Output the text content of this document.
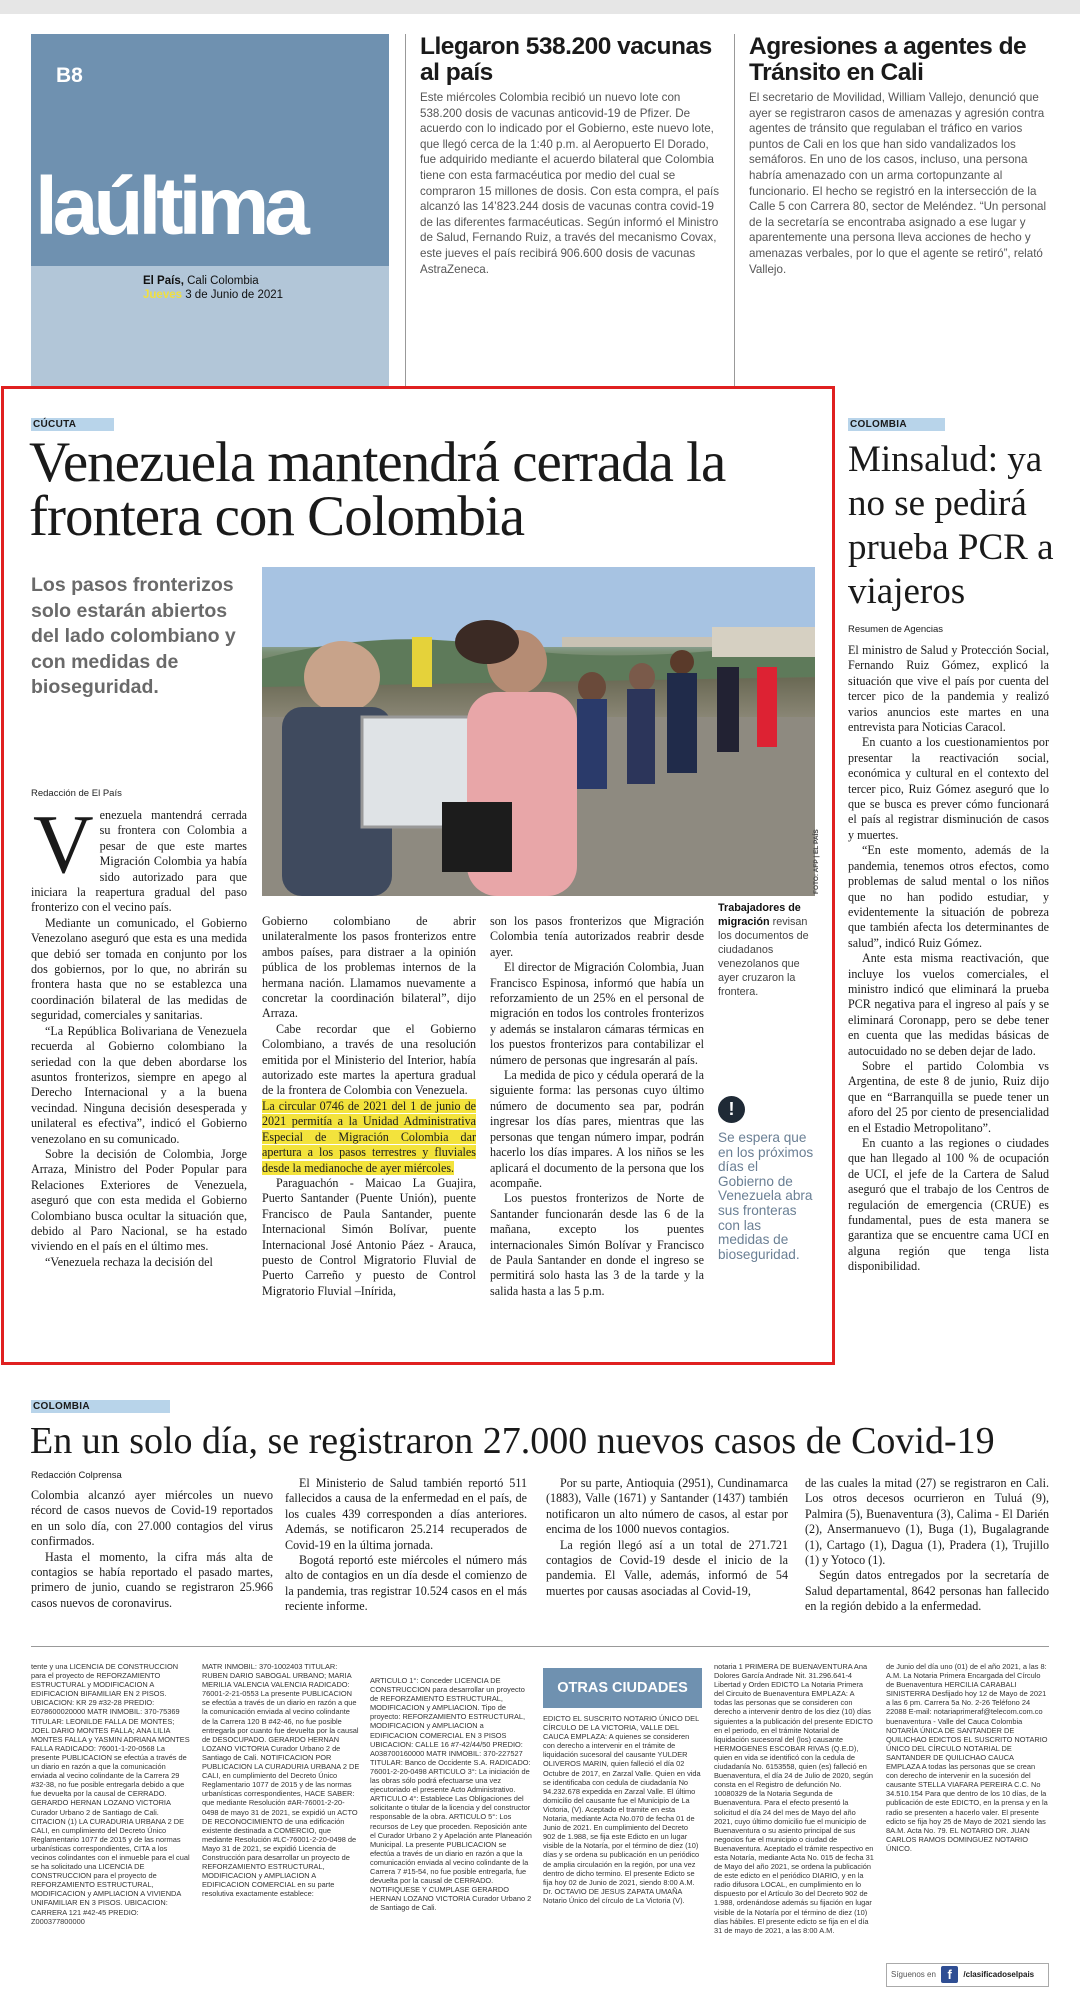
B8
laúltima
El País, Cali Colombia
Jueves 3 de Junio de 2021
Llegaron 538.200 vacunas al país
Este miércoles Colombia recibió un nuevo lote con 538.200 dosis de vacunas anticovid-19 de Pfizer. De acuerdo con lo indicado por el Gobierno, este nuevo lote, que llegó cerca de la 1:40 p.m. al Aeropuerto El Dorado, fue adquirido mediante el acuerdo bilateral que Colombia tiene con esta farmacéutica por medio del cual se compraron 15 millones de dosis. Con esta compra, el país alcanzó las 14’823.244 dosis de vacunas contra covid-19 de las diferentes farmacéuticas. Según informó el Ministro de Salud, Fernando Ruiz, a través del mecanismo Covax, este jueves el país recibirá 906.600 dosis de vacunas AstraZeneca.
Agresiones a agentes de Tránsito en Cali
El secretario de Movilidad, William Vallejo, denunció que ayer se registraron casos de amenazas y agresión contra agentes de tránsito que regulaban el tráfico en varios puntos de Cali en los que han sido vandalizados los semáforos. En uno de los casos, incluso, una persona habría amenazado con un arma cortopunzante al funcionario. El hecho se registró en la intersección de la Calle 5 con Carrera 80, sector de Meléndez. “Un personal de la secretaría se encontraba asignado a ese lugar y aparentemente una persona lleva acciones de hecho y amenazas verbales, por lo que el agente se retiró”, relató Vallejo.
CÚCUTA
Venezuela mantendrá cerrada la frontera con Colombia
Los pasos fronterizos solo estarán abiertos del lado colombiano y con medidas de bioseguridad.
Redacción de El País
FOTO: AFP | EL PAÍS
Trabajadores de migración revisan los documentos de ciudadanos venezolanos que ayer cruzaron la frontera.
!
Se espera que en los próximos días el Gobierno de Venezuela abra sus fronteras con las medidas de bioseguridad.
V enezuela mantendrá cerrada su frontera con Colombia a pesar de que este martes Migración Colombia ya había sido autorizado para que iniciara la reapertura gradual del paso fronterizo con el vecino país.

Mediante un comunicado, el Gobierno Venezolano aseguró que esta es una medida que debió ser tomada en conjunto por los dos gobiernos, por lo que, no abrirán su frontera hasta que no se establezca una coordinación bilateral de las medidas de seguridad, comerciales y sanitarias.

“La República Bolivariana de Venezuela recuerda al Gobierno colombiano la seriedad con la que deben abordarse los asuntos fronterizos, siempre en apego al Derecho Internacional y a la buena vecindad. Ninguna decisión desesperada y unilateral es efectiva”, indicó el Gobierno venezolano en su comunicado.

Sobre la decisión de Colombia, Jorge Arraza, Ministro del Poder Popular para Relaciones Exteriores de Venezuela, aseguró que con esta medida el Gobierno Colombiano busca ocultar la situación que, debido al Paro Nacional, se ha estado viviendo en el país en el último mes.

“Venezuela rechaza la decisión del

Gobierno colombiano de abrir unilateralmente los pasos fronterizos entre ambos países, para distraer a la opinión pública de los problemas internos de la hermana nación. Llamamos nuevamente a concretar la coordinación bilateral”, dijo Arraza.

Cabe recordar que el Gobierno Colombiano, a través de una resolución emitida por el Ministerio del Interior, había autorizado este martes la apertura gradual de la frontera de Colombia con Venezuela.

La circular 0746 de 2021 del 1 de junio de 2021 permitía a la Unidad Administrativa Especial de Migración Colombia dar apertura a los pasos terrestres y fluviales desde la medianoche de ayer miércoles.

Paraguachón - Maicao La Guajira, Puerto Santander (Puente Unión), puente Francisco de Paula Santander, puente Internacional Simón Bolívar, puente Internacional José Antonio Páez - Arauca, puesto de Control Migratorio Fluvial de Puerto Carreño y puesto de Control Migratorio Fluvial –Inírida,

son los pasos fronterizos que Migración Colombia tenía autorizados reabrir desde ayer.

El director de Migración Colombia, Juan Francisco Espinosa, informó que había un reforzamiento de un 25% en el personal de migración en todos los controles fronterizos y además se instalaron cámaras térmicas en los puestos fronterizos para contabilizar el número de personas que ingresarán al país.

La medida de pico y cédula operará de la siguiente forma: las personas cuyo último número de documento sea par, podrán ingresar los días pares, mientras que las personas que tengan número impar, podrán hacerlo los días impares. A los niños se les aplicará el documento de la persona que los acompañe.

Los puestos fronterizos de Norte de Santander funcionarán desde las 6 de la mañana, excepto los puentes internacionales Simón Bolívar y Francisco de Paula Santander en donde el ingreso se permitirá solo hasta las 3 de la tarde y la salida hasta a las 5 p.m.

COLOMBIA
Minsalud: ya no se pedirá prueba PCR a viajeros
Resumen de Agencias

El ministro de Salud y Protección Social, Fernando Ruiz Gómez, explicó la situación que vive el país por cuenta del tercer pico de la pandemia y realizó varios anuncios este martes en una entrevista para Noticias Caracol.

En cuanto a los cuestionamientos por presentar la reactivación social, económica y cultural en el contexto del tercer pico, Ruiz Gómez aseguró que lo que se busca es prever cómo funcionará el país al registrar disminución de casos y muertes.

“En este momento, además de la pandemia, tenemos otros efectos, como problemas de salud mental o los niños que no han podido estudiar, y evidentemente la situación de pobreza que también afecta los determinantes de salud”, indicó Ruiz Gómez.

Ante esta misma reactivación, que incluye los vuelos comerciales, el ministro indicó que eliminará la prueba PCR negativa para el ingreso al país y se eliminará Coronapp, pero se debe tener en cuenta que las medidas básicas de autocuidado no se deben dejar de lado.

Sobre el partido Colombia vs Argentina, de este 8 de junio, Ruiz dijo que en “Barranquilla se puede tener un aforo del 25 por ciento de presencialidad en el Estadio Metropolitano”.

En cuanto a las regiones o ciudades que han llegado al 100 % de ocupación de UCI, el jefe de la Cartera de Salud aseguró que el trabajo de los Centros de regulación de emergencia (CRUE) es fundamental, pues de esta manera se garantiza que se encuentre cama UCI en alguna región que tenga lista disponibilidad.

COLOMBIA
En un solo día, se registraron 27.000 nuevos casos de Covid-19
Redacción Colprensa

Colombia alcanzó ayer miércoles un nuevo récord de casos nuevos de Covid-19 reportados en un solo día, con 27.000 contagios del virus confirmados.

Hasta el momento, la cifra más alta de contagios se había reportado el pasado martes, primero de junio, cuando se registraron 25.966 casos nuevos de coronavirus.

El Ministerio de Salud también reportó 511 fallecidos a causa de la enfermedad en el país, de los cuales 439 corresponden a días anteriores. Además, se notificaron 25.214 recuperados de Covid-19 en la última jornada.

Bogotá reportó este miércoles el número más alto de contagios en un día desde el comienzo de la pandemia, tras registrar 10.524 casos en el más reciente informe.

Por su parte, Antioquia (2951), Cundinamarca (1883), Valle (1671) y Santander (1437) también notificaron un alto número de casos, al estar por encima de los 1000 nuevos contagios.

La región llegó así a un total de 271.721 contagios de Covid-19 desde el inicio de la pandemia. El Valle, además, informó de 54 muertes por causas asociadas al Covid-19,

de las cuales la mitad (27) se registraron en Cali. Los otros decesos ocurrieron en Tuluá (9), Palmira (5), Buenaventura (3), Calima - El Darién (2), Ansermanuevo (1), Buga (1), Bugalagrande (1), Cartago (1), Dagua (1), Pradera (1), Trujillo (1) y Yotoco (1).

Según datos entregados por la secretaría de Salud departamental, 8642 personas han fallecido en la región debido a la enfermedad.

tente y una LICENCIA DE CONSTRUCCION para el proyecto de REFORZAMIENTO ESTRUCTURAL y MODIFICACION A EDIFICACION BIFAMILIAR EN 2 PISOS. UBICACION: KR 29 #32-28 PREDIO: E078600020000 MATR INMOBIL: 370-75369 TITULAR: LEONILDE FALLA DE MONTES; JOEL DARIO MONTES FALLA; ANA LILIA MONTES FALLA y YASMIN ADRIANA MONTES FALLA RADICADO: 76001-1-20-0568 La presente PUBLICACION se efectúa a través de un diario en razón a que la comunicación enviada al vecino colindante de la Carrera 29 #32-38, no fue posible entregarla debido a que fue devuelta por la causal de CERRADO. GERARDO HERNAN LOZANO VICTORIA Curador Urbano 2 de Santiago de Cali. CITACION (1) LA CURADURIA URBANA 2 DE CALI, en cumplimiento del Decreto Único Reglamentario 1077 de 2015 y de las normas urbanísticas correspondientes, CITA a los vecinos colindantes con el inmueble para el cual se ha solicitado una LICENCIA DE CONSTRUCCION para el proyecto de REFORZAMIENTO ESTRUCTURAL, MODIFICACION y AMPLIACION A VIVIENDA UNIFAMILIAR EN 3 PISOS. UBICACION: CARRERA 121 #42-45 PREDIO: Z000377800000
MATR INMOBIL: 370-1002403 TITULAR: RUBEN DARIO SABOGAL URBANO; MARIA MERILIA VALENCIA VALENCIA RADICADO: 76001-2-21-0553 La presente PUBLICACION se efectúa a través de un diario en razón a que la comunicación enviada al vecino colindante de la Carrera 120 B #42-46, no fue posible entregarla por cuanto fue devuelta por la causal de DESOCUPADO. GERARDO HERNAN LOZANO VICTORIA Curador Urbano 2 de Santiago de Cali. NOTIFICACION POR PUBLICACION LA CURADURIA URBANA 2 DE CALI, en cumplimiento del Decreto Único Reglamentario 1077 de 2015 y de las normas urbanísticas correspondientes, HACE SABER: que mediante Resolución #AR-76001-2-20-0498 de mayo 31 de 2021, se expidió un ACTO DE RECONOCIMIENTO de una edificación existente destinada a COMERCIO, que mediante Resolución #LC-76001-2-20-0498 de Mayo 31 de 2021, se expidió Licencia de Construcción para desarrollar un proyecto de REFORZAMIENTO ESTRUCTURAL, MODIFICACION y AMPLIACION A EDIFICACION COMERCIAL en su parte resolutiva exactamente establece:
ARTICULO 1°: Conceder LICENCIA DE CONSTRUCCION para desarrollar un proyecto de REFORZAMIENTO ESTRUCTURAL, MODIFICACION y AMPLIACION. Tipo de proyecto: REFORZAMIENTO ESTRUCTURAL, MODIFICACION y AMPLIACION a EDIFICACION COMERCIAL EN 3 PISOS UBICACION: CALLE 16 #7-42/44/50 PREDIO: A038700160000 MATR INMOBIL: 370-227527 TITULAR: Banco de Occidente S.A. RADICADO: 76001-2-20-0498 ARTICULO 3°: La iniciación de las obras sólo podrá efectuarse una vez ejecutoriado el presente Acto Administrativo. ARTICULO 4°: Establece Las Obligaciones del solicitante o titular de la licencia y del constructor responsable de la obra. ARTICULO 5°: Los recursos de Ley que proceden. Reposición ante el Curador Urbano 2 y Apelación ante Planeación Municipal. La presente PUBLICACION se efectúa a través de un diario en razón a que la comunicación enviada al vecino colindante de la Carrera 7 #15-54, no fue posible entregarla, fue devuelta por la causal de CERRADO. NOTIFIQUESE Y CUMPLASE GERARDO HERNAN LOZANO VICTORIA Curador Urbano 2 de Santiago de Cali.
OTRAS CIUDADES
EDICTO EL SUSCRITO NOTARIO ÚNICO DEL CÍRCULO DE LA VICTORIA, VALLE DEL CAUCA EMPLAZA: A quienes se consideren con derecho a intervenir en el trámite de liquidación sucesoral del causante YULDER OLIVEROS MARIN, quien falleció el día 02 Octubre de 2017, en Zarzal Valle. Quien en vida se identificaba con cedula de ciudadanía No 94.232.678 expedida en Zarzal Valle. El último domicilio del causante fue el Municipio de La Victoria, (V). Aceptado el tramite en esta Notaria, mediante Acta No.070 de fecha 01 de Junio de 2021. En cumplimiento del Decreto 902 de 1.988, se fija este Edicto en un lugar visible de la Notaría, por el término de diez (10) días y se ordena su publicación en un periódico de amplia circulación en la región, por una vez dentro de dicho termino. El presente Edicto se fija hoy 02 de Junio de 2021, siendo 8:00 A.M. Dr. OCTAVIO DE JESUS ZAPATA UMAÑA Notario Único del círculo de La Victoria (V).
notaria 1 PRIMERA DE BUENAVENTURA Ana Dolores García Andrade Nit. 31.296.641-4 Libertad y Orden EDICTO La Notaria Primera del Circuito de Buenaventura EMPLAZA: A todas las personas que se consideren con derecho a intervenir dentro de los diez (10) días siguientes a la publicación del presente EDICTO en el periodo, en el trámite Notarial de liquidación sucesoral del (los) causante HERMOGENES ESCOBAR RIVAS (Q.E.D), quien en vida se identificó con la cedula de ciudadanía No. 6153558, quien (es) falleció en Buenaventura, el día 24 de Julio de 2020, según consta en el Registro de defunción No. 10080329 de la Notaria Segunda de Buenaventura. Para el efecto presentó la solicitud el día 24 del mes de Mayo del año 2021, cuyo último domicilio fue el municipio de Buenaventura o su asiento principal de sus negocios fue el municipio o ciudad de Buenaventura. Aceptado el trámite respectivo en esta Notaría, mediante Acta No. 015 de fecha 31 de Mayo del año 2021, se ordena la publicación de este edicto en el periódico DIARIO, y en la radio difusora LOCAL, en cumplimiento en lo dispuesto por el Artículo 3o del Decreto 902 de 1.988, ordenándose además su fijación en lugar visible de la Notaría por el término de diez (10) días hábiles. El presente edicto se fija en el día 31 de mayo de 2021, a las 8:00 A.M.
de Junio del día uno (01) de el año 2021, a las 8: A.M. La Notaria Primera Encargada del Círculo de Buenaventura HERCILIA CARABALI SINISTERRA Desfijado hoy 12 de Mayo de 2021 a las 6 pm. Carrera 5a No. 2-26 Teléfono 24 22088 E-mail: notariaprimeraf@telecom.com.co buenaventura - Valle del Cauca Colombia NOTARÍA ÚNICA DE SANTANDER DE QUILICHAO EDICTOS EL SUSCRITO NOTARIO ÚNICO DEL CÍRCULO NOTARIAL DE SANTANDER DE QUILICHAO CAUCA EMPLAZA A todas las personas que se crean con derecho de intervenir en la sucesión del causante STELLA VIAFARA PEREIRA C.C. No 34.510.154 Para que dentro de los 10 días, de la publicación de este EDICTO, en la prensa y en la radio se presenten a hacerlo valer. El presente edicto se fija hoy 25 de Mayo de 2021 siendo las 8A.M. Acta No. 79. EL NOTARIO DR. JUAN CARLOS RAMOS DOMINGUEZ NOTARIO ÚNICO.
Síguenos en f /clasificadoselpais
